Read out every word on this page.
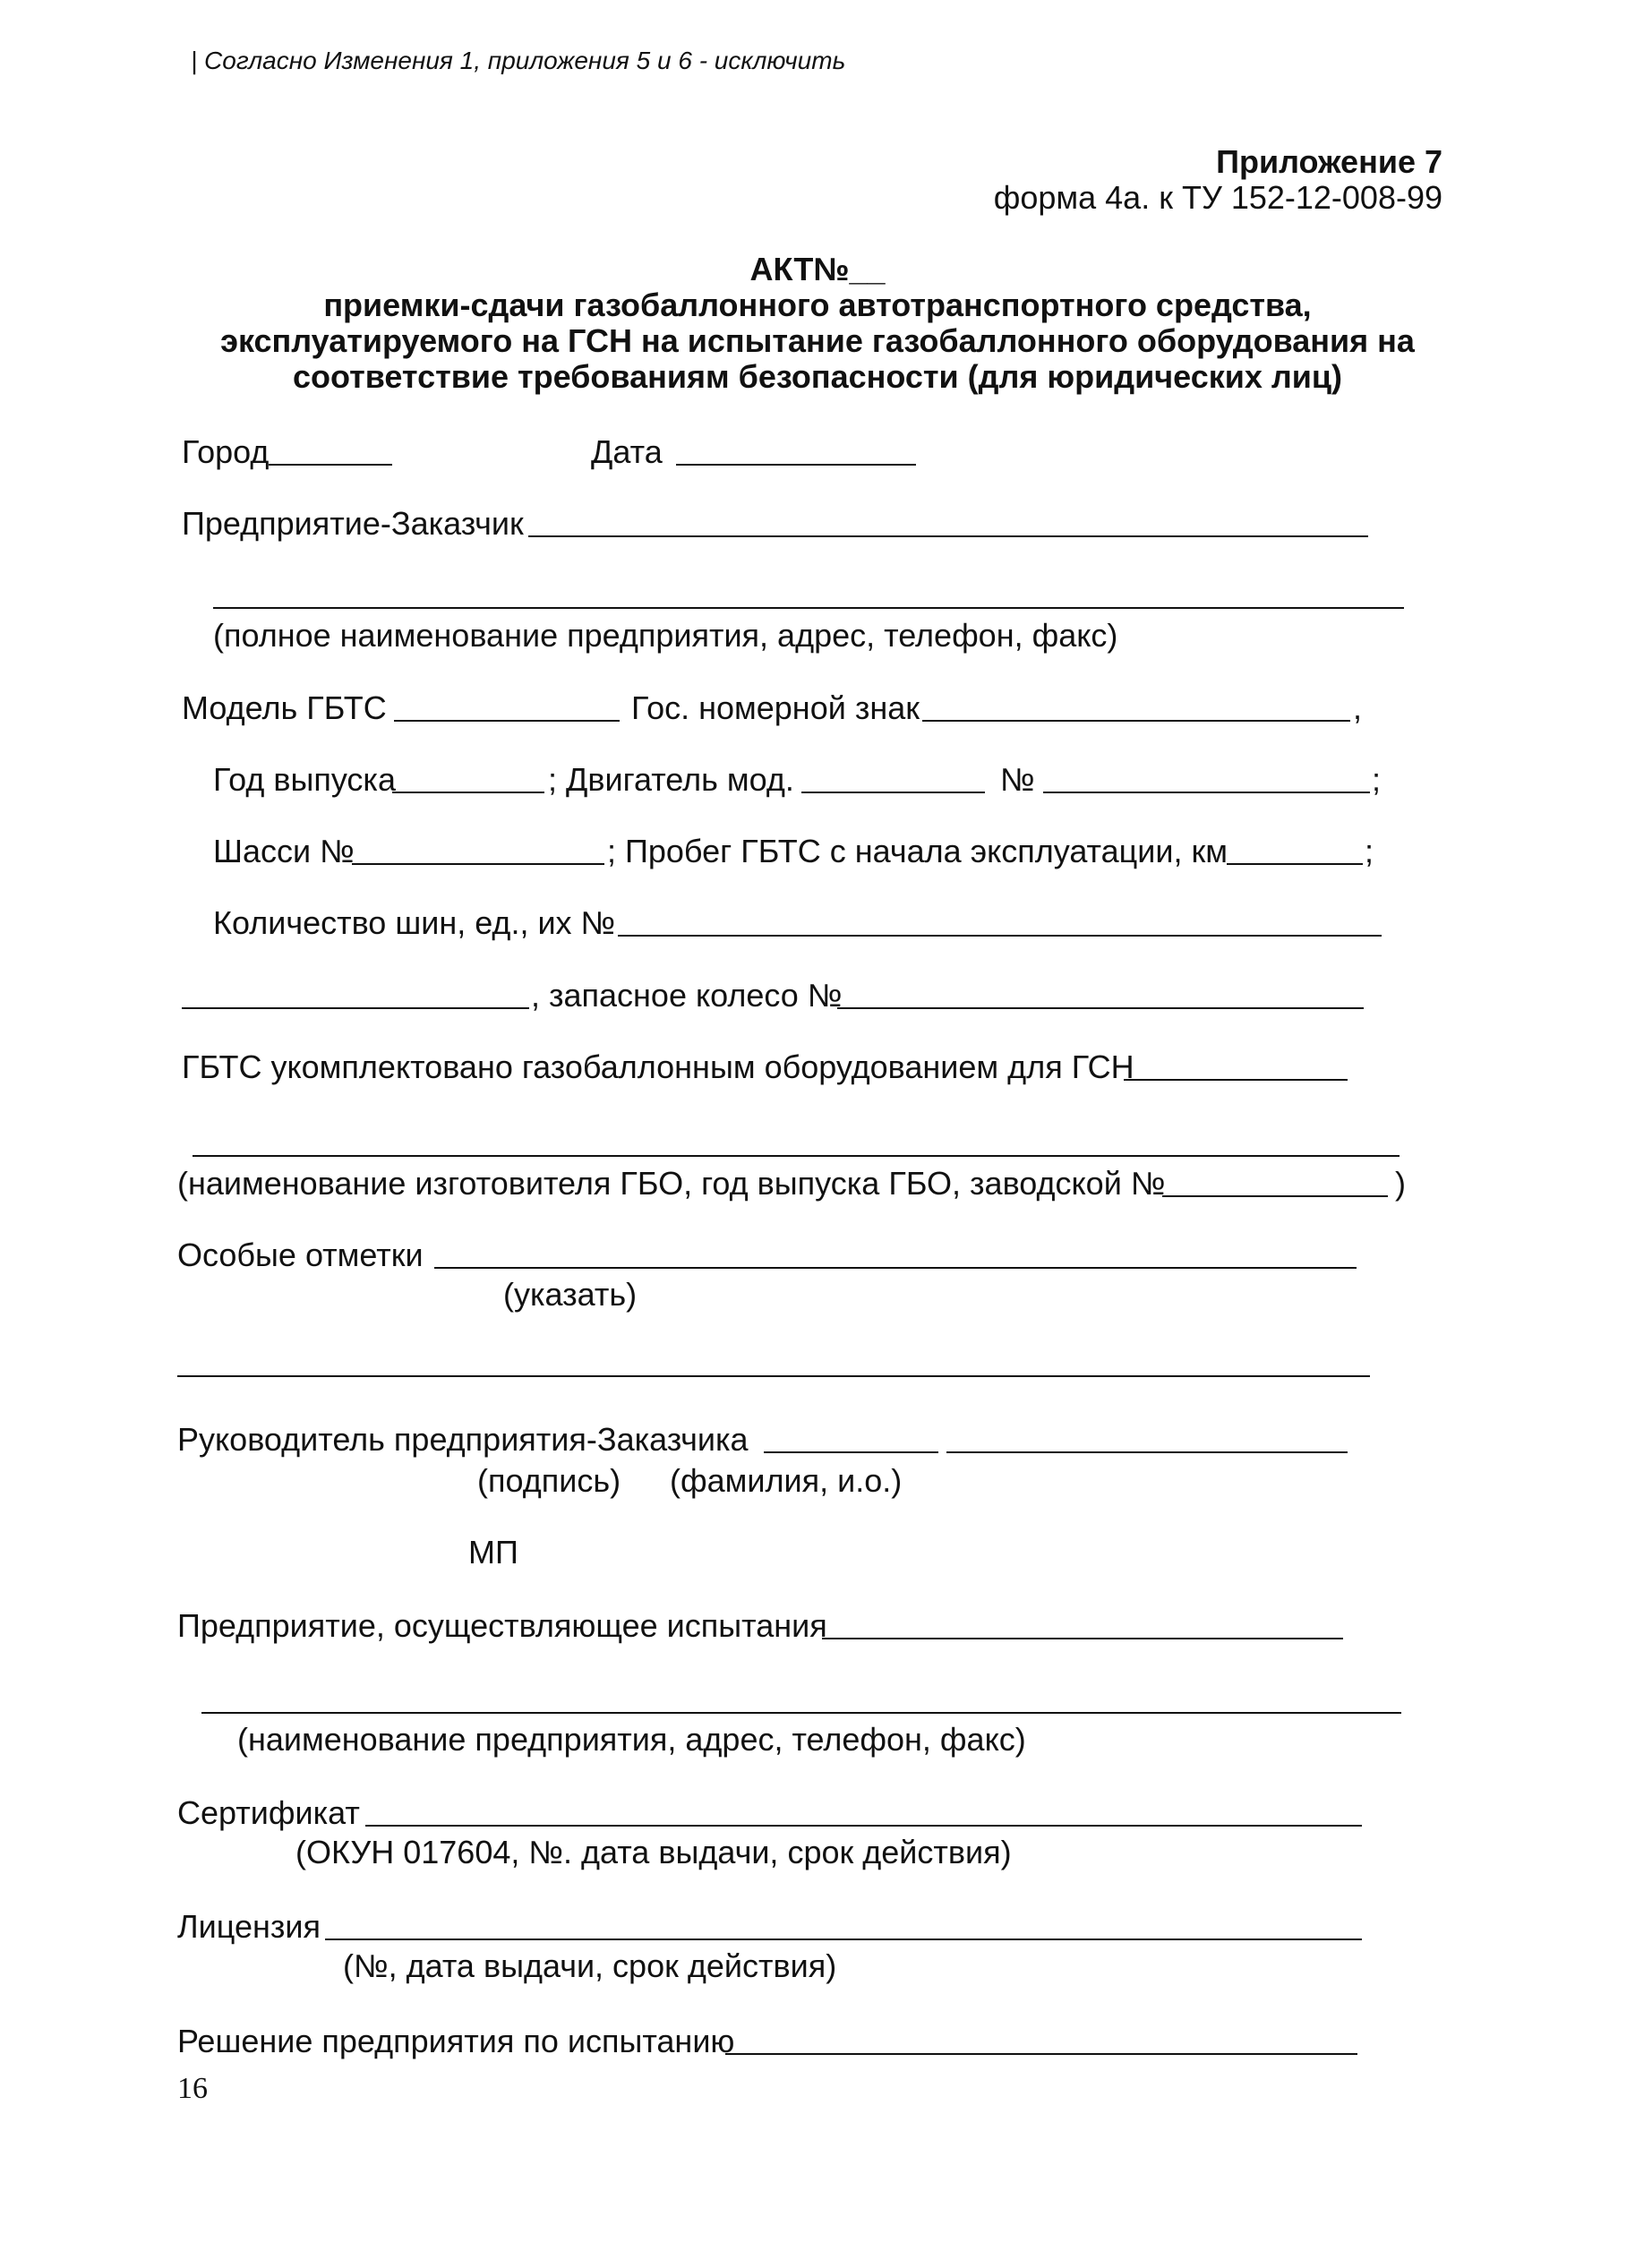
| Согласно Изменения 1, приложения 5 и 6 - исключить
Приложение 7
форма 4а. к ТУ 152-12-008-99
АКТ№__
приемки-сдачи газобаллонного автотранспортного средства,
эксплуатируемого на ГСН на испытание газобаллонного оборудования на
соответствие требованиям безопасности (для юридических лиц)
Город	Дата
Предприятие-Заказчик
(полное наименование предприятия, адрес, телефон, факс)
Модель ГБТС	Гос. номерной знак	,
Год выпуска	; Двигатель мод.	№	;
Шасси №	; Пробег ГБТС с начала эксплуатации, км	;
Количество шин, ед., их №
, запасное колесо №
ГБТС укомплектовано газобаллонным оборудованием для ГСН
(наименование изготовителя ГБО, год выпуска ГБО, заводской №	)
Особые отметки
(указать)
Руководитель предприятия-Заказчика
(подпись) (фамилия, и.о.)
МП
Предприятие, осуществляющее испытания
(наименование предприятия, адрес, телефон, факс)
Сертификат
(ОКУН 017604, №. дата выдачи, срок действия)
Лицензия
(№, дата выдачи, срок действия)
Решение предприятия по испытанию
16
